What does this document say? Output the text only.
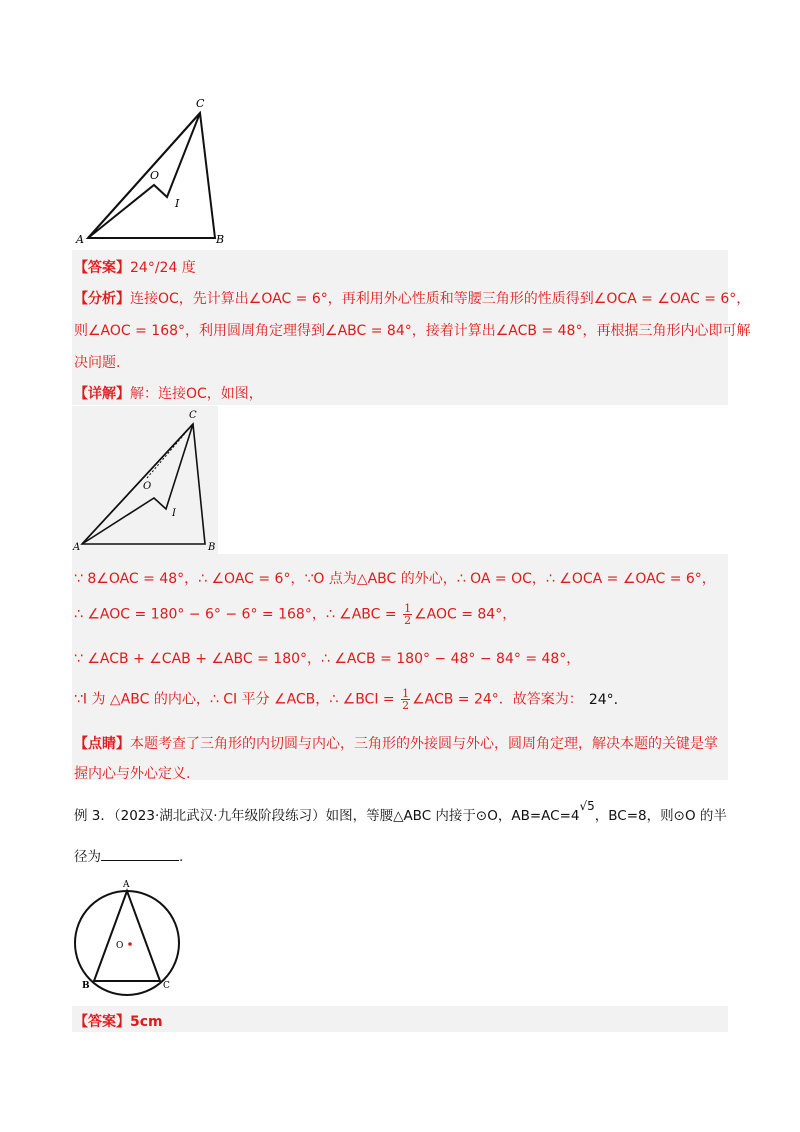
C
O
I
A	B
【答案】24°/24 度
【分析】连接OC，先计算出∠OAC = 6°，再利用外心性质和等腰三角形的性质得到∠OCA = ∠OAC = 6°，
则∠AOC = 168°，利用圆周角定理得到∠ABC = 84°，接着计算出∠ACB = 48°，再根据三角形内心即可解
决问题.
【详解】解：连接OC，如图，
C
O
I
A	B
∵ 8∠OAC = 48°，∴ ∠OAC = 6°，∵O 点为△ABC 的外心，∴ OA = OC，∴ ∠OCA = ∠OAC = 6°，
∴ ∠AOC = 180° − 6° − 6° = 168°，∴ ∠ABC = $\frac{1}{2}$ ∠AOC = 84°，
∵ ∠ACB + ∠CAB + ∠ABC = 180°，∴ ∠ACB = 180° − 48° − 84° = 48°，
∵I 为 △ABC 的内心，∴ CI 平分 ∠ACB，∴ ∠BCI = $\frac{1}{2}$ ∠ACB = 24°．故答案为： 24°.
【点睛】本题考查了三角形的内切圆与内心，三角形的外接圆与外心，圆周角定理，解决本题的关键是掌
握内心与外心定义.
例 3．（2023·湖北武汉·九年级阶段练习）如图，等腰△ABC 内接于⊙O，AB=AC=4√5，BC=8，则⊙O 的半
径为	.
A
O
B	C
【答案】5cm
